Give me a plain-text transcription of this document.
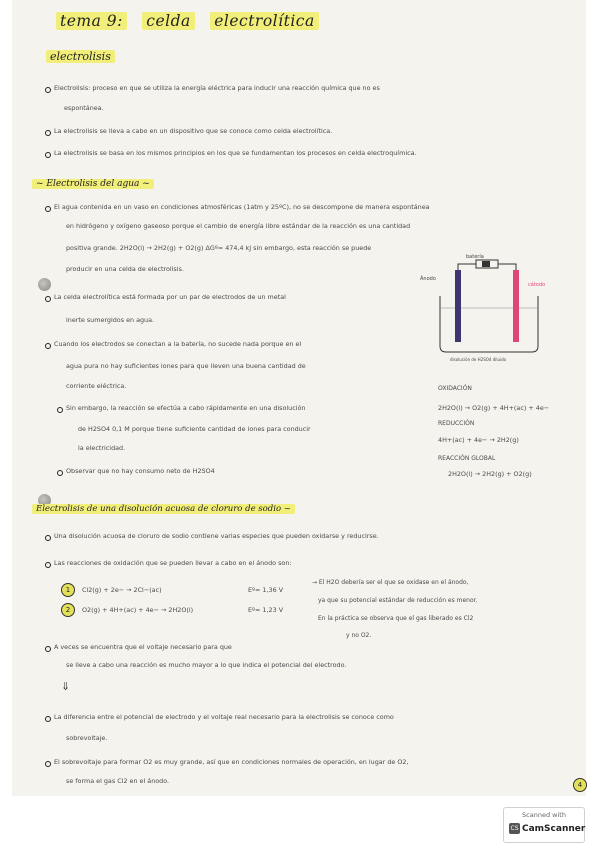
tema 9: celda electrolítica
electrolisis
Electrolisis: proceso en que se utiliza la energía eléctrica para inducir una reacción química que no es
espontánea.
La electrolisis se lleva a cabo en un dispositivo que se conoce como celda electrolítica.
La electrolisis se basa en los mismos principios en los que se fundamentan los procesos en celda electroquímica.
~ Electrolisis del agua ~
El agua contenida en un vaso en condiciones atmosféricas (1atm y 25ºC), no se descompone de manera espontánea
en hidrógeno y oxígeno gaseoso porque el cambio de energía libre estándar de la reacción es una cantidad
positiva grande. 2H2O(l) → 2H2(g) + O2(g) ΔGº= 474,4 kJ sin embargo, esta reacción se puede
producir en una celda de electrolisis.
La celda electrolítica está formada por un par de electrodos de un metal
inerte sumergidos en agua.
Cuando los electrodos se conectan a la batería, no sucede nada porque en el
agua pura no hay suficientes iones para que lleven una buena cantidad de
corriente eléctrica.
Sin embargo, la reacción se efectúa a cabo rápidamente en una disolución
de H2SO4 0,1 M porque tiene suficiente cantidad de iones para conducir
la electricidad.
Observar que no hay consumo neto de H2SO4
batería
Ánodo
cátodo
disolución de H2SO4 diluido
OXIDACIÓN
2H2O(l) → O2(g) + 4H+(ac) + 4e−
REDUCCIÓN
4H+(ac) + 4e− → 2H2(g)
REACCIÓN GLOBAL
2H2O(l) → 2H2(g) + O2(g)
Electrolisis de una disolución acuosa de cloruro de sodio ~
Una disolución acuosa de cloruro de sodio contiene varias especies que pueden oxidarse y reducirse.
Las reacciones de oxidación que se pueden llevar a cabo en el ánodo son:
1	Cl2(g) + 2e− → 2Cl−(ac)	Eº= 1,36 V
2	O2(g) + 4H+(ac) + 4e− → 2H2O(l)	Eº= 1,23 V
→ El H2O debería ser el que se oxidase en el ánodo,
ya que su potencial estándar de reducción es menor.
En la práctica se observa que el gas liberado es Cl2
y no O2.
A veces se encuentra que el voltaje necesario para que
se lleve a cabo una reacción es mucho mayor a lo que indica el potencial del electrodo.
⇓
La diferencia entre el potencial de electrodo y el voltaje real necesario para la electrolisis se conoce como
sobrevoltaje.
El sobrevoltaje para formar O2 es muy grande, así que en condiciones normales de operación, en lugar de O2,
se forma el gas Cl2 en el ánodo.	4
Scanned with
CS CamScanner
